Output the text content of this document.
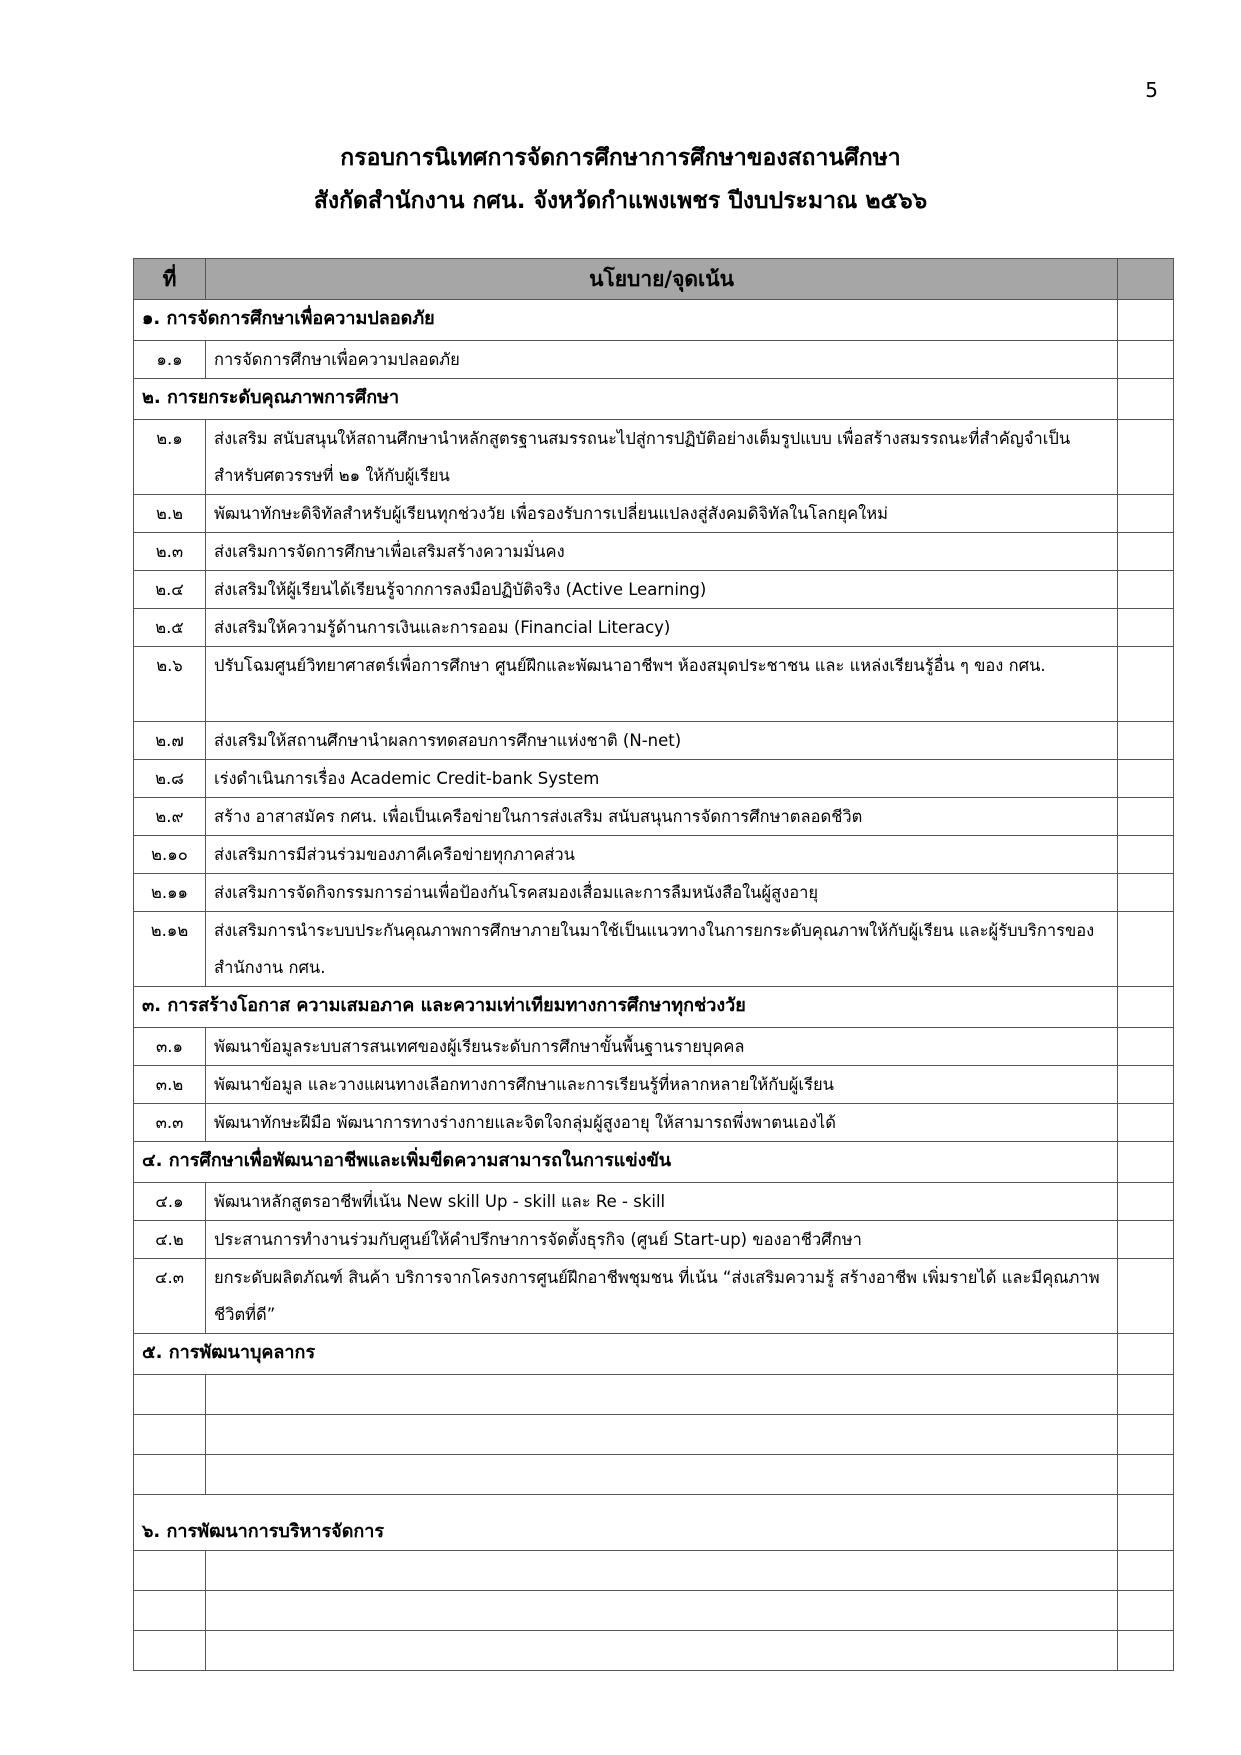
5
กรอบการนิเทศการจัดการศึกษาการศึกษาของสถานศึกษา
สังกัดสำนักงาน กศน. จังหวัดกำแพงเพชร ปีงบประมาณ ๒๕๖๖
ที่	นโยบาย/จุดเน้น	
๑. การจัดการศึกษาเพื่อความปลอดภัย		
๑.๑	การจัดการศึกษาเพื่อความปลอดภัย	
๒. การยกระดับคุณภาพการศึกษา		
๒.๑	ส่งเสริม สนับสนุนให้สถานศึกษานำหลักสูตรฐานสมรรถนะไปสู่การปฏิบัติอย่างเต็มรูปแบบ เพื่อสร้างสมรรถนะที่สำคัญจำเป็นสำหรับศตวรรษที่ ๒๑ ให้กับผู้เรียน	
๒.๒	พัฒนาทักษะดิจิทัลสำหรับผู้เรียนทุกช่วงวัย เพื่อรองรับการเปลี่ยนแปลงสู่สังคมดิจิทัลในโลกยุคใหม่	
๒.๓	ส่งเสริมการจัดการศึกษาเพื่อเสริมสร้างความมั่นคง	
๒.๔	ส่งเสริมให้ผู้เรียนได้เรียนรู้จากการลงมือปฏิบัติจริง (Active Learning)	
๒.๕	ส่งเสริมให้ความรู้ด้านการเงินและการออม (Financial Literacy)	
๒.๖	ปรับโฉมศูนย์วิทยาศาสตร์เพื่อการศึกษา ศูนย์ฝึกและพัฒนาอาชีพฯ ห้องสมุดประชาชน และ แหล่งเรียนรู้อื่น ๆ ของ กศน.	
๒.๗	ส่งเสริมให้สถานศึกษานำผลการทดสอบการศึกษาแห่งชาติ (N-net)	
๒.๘	เร่งดำเนินการเรื่อง Academic Credit-bank System	
๒.๙	สร้าง อาสาสมัคร กศน. เพื่อเป็นเครือข่ายในการส่งเสริม สนับสนุนการจัดการศึกษาตลอดชีวิต	
๒.๑๐	ส่งเสริมการมีส่วนร่วมของภาคีเครือข่ายทุกภาคส่วน	
๒.๑๑	ส่งเสริมการจัดกิจกรรมการอ่านเพื่อป้องกันโรคสมองเสื่อมและการลืมหนังสือในผู้สูงอายุ	
๒.๑๒	ส่งเสริมการนำระบบประกันคุณภาพการศึกษาภายในมาใช้เป็นแนวทางในการยกระดับคุณภาพให้กับผู้เรียน และผู้รับบริการของ สำนักงาน กศน.	
๓. การสร้างโอกาส ความเสมอภาค และความเท่าเทียมทางการศึกษาทุกช่วงวัย		
๓.๑	พัฒนาข้อมูลระบบสารสนเทศของผู้เรียนระดับการศึกษาขั้นพื้นฐานรายบุคคล	
๓.๒	พัฒนาข้อมูล และวางแผนทางเลือกทางการศึกษาและการเรียนรู้ที่หลากหลายให้กับผู้เรียน	
๓.๓	พัฒนาทักษะฝีมือ พัฒนาการทางร่างกายและจิตใจกลุ่มผู้สูงอายุ ให้สามารถพึ่งพาตนเองได้	
๔. การศึกษาเพื่อพัฒนาอาชีพและเพิ่มขีดความสามารถในการแข่งขัน		
๔.๑	พัฒนาหลักสูตรอาชีพที่เน้น New skill Up - skill และ Re - skill	
๔.๒	ประสานการทำงานร่วมกับศูนย์ให้คำปรึกษาการจัดตั้งธุรกิจ (ศูนย์ Start-up) ของอาชีวศึกษา	
๔.๓	ยกระดับผลิตภัณฑ์ สินค้า บริการจากโครงการศูนย์ฝึกอาชีพชุมชน ที่เน้น “ส่งเสริมความรู้ สร้างอาชีพ เพิ่มรายได้ และมีคุณภาพชีวิตที่ดี”	
๕. การพัฒนาบุคลากร		

๖. การพัฒนาการบริหารจัดการ		
